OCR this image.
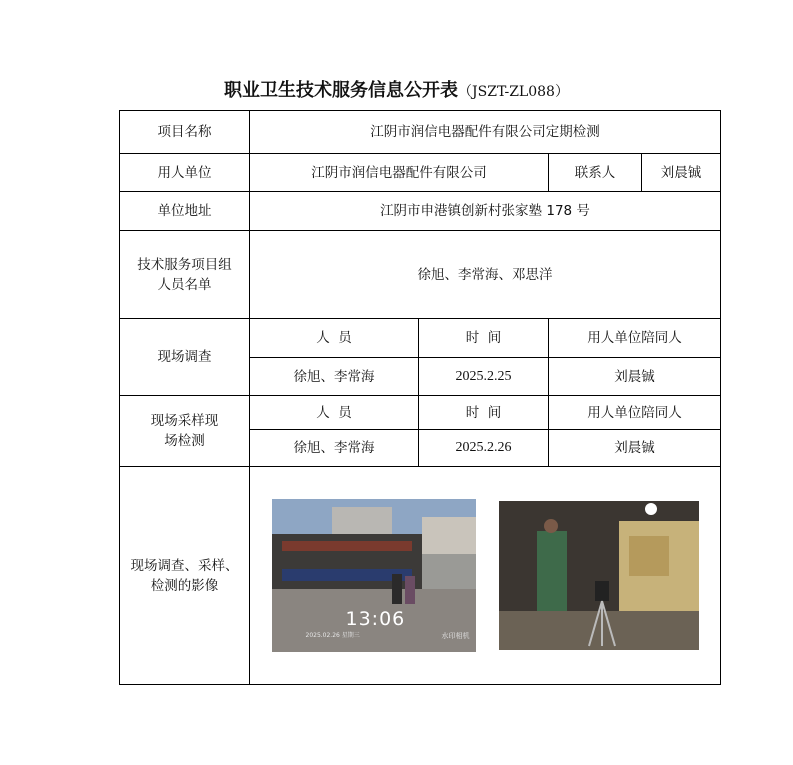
职业卫生技术服务信息公开表（JSZT-ZL088）
项目名称	江阴市润信电器配件有限公司定期检测			
用人单位	江阴市润信电器配件有限公司		联系人	刘晨铖
单位地址	江阴市申港镇创新村张家塾 178 号			
技术服务项目组人员名单	徐旭、李常海、邓思洋			
现场调查	人  员	时  间	用人单位陪同人	
	徐旭、李常海	2025.2.25	刘晨铖	
现场采样现场检测	人  员	时  间	用人单位陪同人	
	徐旭、李常海	2025.2.26	刘晨铖	
现场调查、采样、检测的影像	13:06
2025.02.26 星期三 水印相机			
